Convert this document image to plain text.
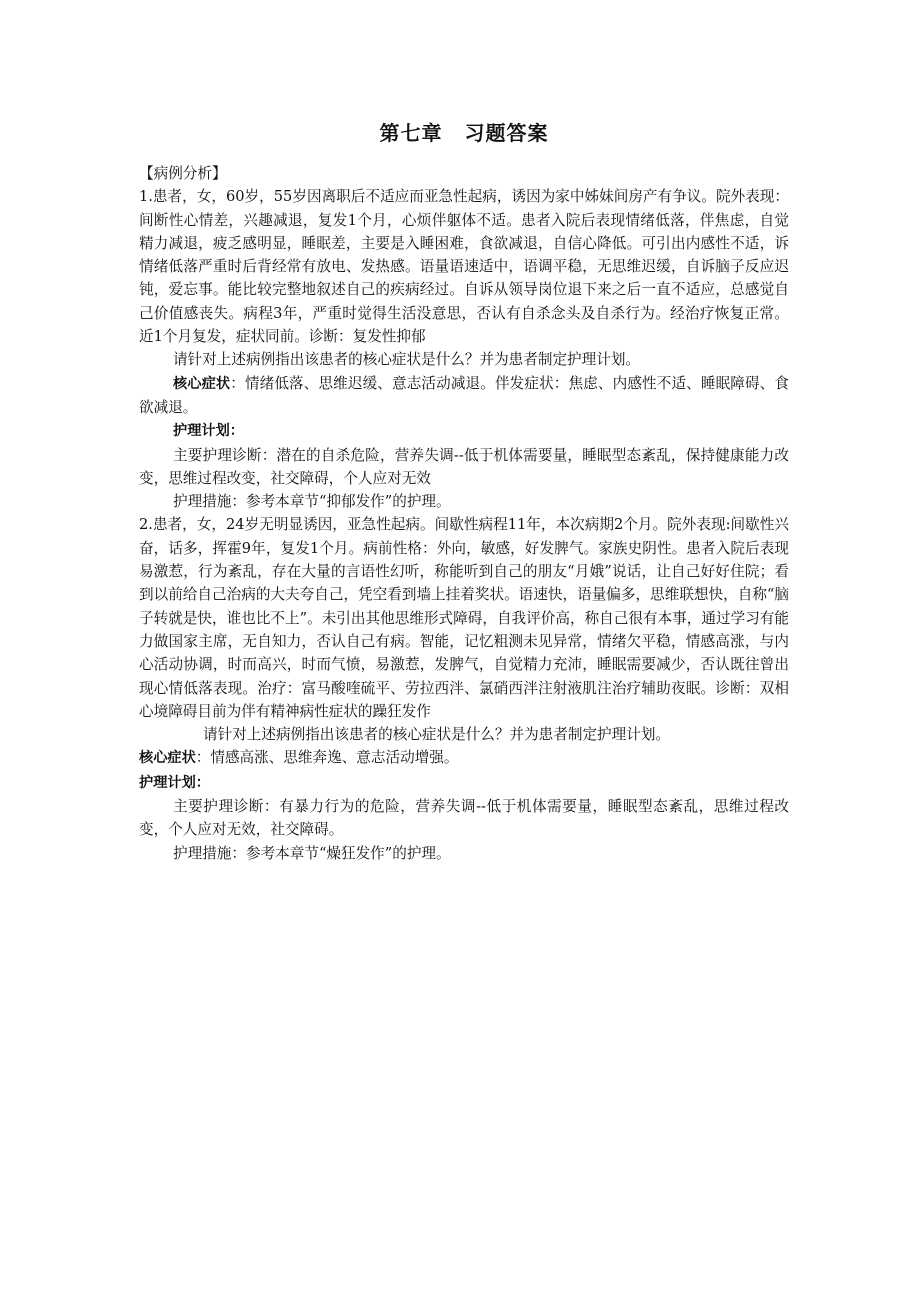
第七章 习题答案

【病例分析】

1.患者，女，60岁，55岁因离职后不适应而亚急性起病，诱因为家中姊妹间房产有争议。院外表现：间断性心情差，兴趣减退，复发1个月，心烦伴躯体不适。患者入院后表现情绪低落，伴焦虑，自觉精力减退，疲乏感明显，睡眠差，主要是入睡困难，食欲减退，自信心降低。可引出内感性不适，诉情绪低落严重时后背经常有放电、发热感。语量语速适中，语调平稳，无思维迟缓，自诉脑子反应迟钝，爱忘事。能比较完整地叙述自己的疾病经过。自诉从领导岗位退下来之后一直不适应，总感觉自己价值感丧失。病程3年，严重时觉得生活没意思，否认有自杀念头及自杀行为。经治疗恢复正常。近1个月复发，症状同前。诊断：复发性抑郁

请针对上述病例指出该患者的核心症状是什么？并为患者制定护理计划。

核心症状：情绪低落、思维迟缓、意志活动减退。伴发症状：焦虑、内感性不适、睡眠障碍、食欲减退。

护理计划：

主要护理诊断：潜在的自杀危险，营养失调--低于机体需要量，睡眠型态紊乱，保持健康能力改变，思维过程改变，社交障碍，个人应对无效

护理措施：参考本章节“抑郁发作”的护理。

2.患者，女，24岁无明显诱因，亚急性起病。间歇性病程11年，本次病期2个月。院外表现:间歇性兴奋，话多，挥霍9年，复发1个月。病前性格：外向，敏感，好发脾气。家族史阴性。患者入院后表现易激惹，行为紊乱，存在大量的言语性幻听，称能听到自己的朋友“月娥”说话，让自己好好住院；看到以前给自己治病的大夫夸自己，凭空看到墙上挂着奖状。语速快，语量偏多，思维联想快，自称“脑子转就是快，谁也比不上”。未引出其他思维形式障碍，自我评价高，称自己很有本事，通过学习有能力做国家主席，无自知力，否认自己有病。智能，记忆粗测未见异常，情绪欠平稳，情感高涨，与内心活动协调，时而高兴，时而气愤，易激惹，发脾气，自觉精力充沛，睡眠需要减少，否认既往曾出现心情低落表现。治疗：富马酸喹硫平、劳拉西泮、氯硝西泮注射液肌注治疗辅助夜眠。诊断：双相心境障碍目前为伴有精神病性症状的躁狂发作

请针对上述病例指出该患者的核心症状是什么？并为患者制定护理计划。

核心症状：情感高涨、思维奔逸、意志活动增强。

护理计划：

主要护理诊断：有暴力行为的危险，营养失调--低于机体需要量，睡眠型态紊乱，思维过程改变，个人应对无效，社交障碍。

护理措施：参考本章节“燥狂发作”的护理。
